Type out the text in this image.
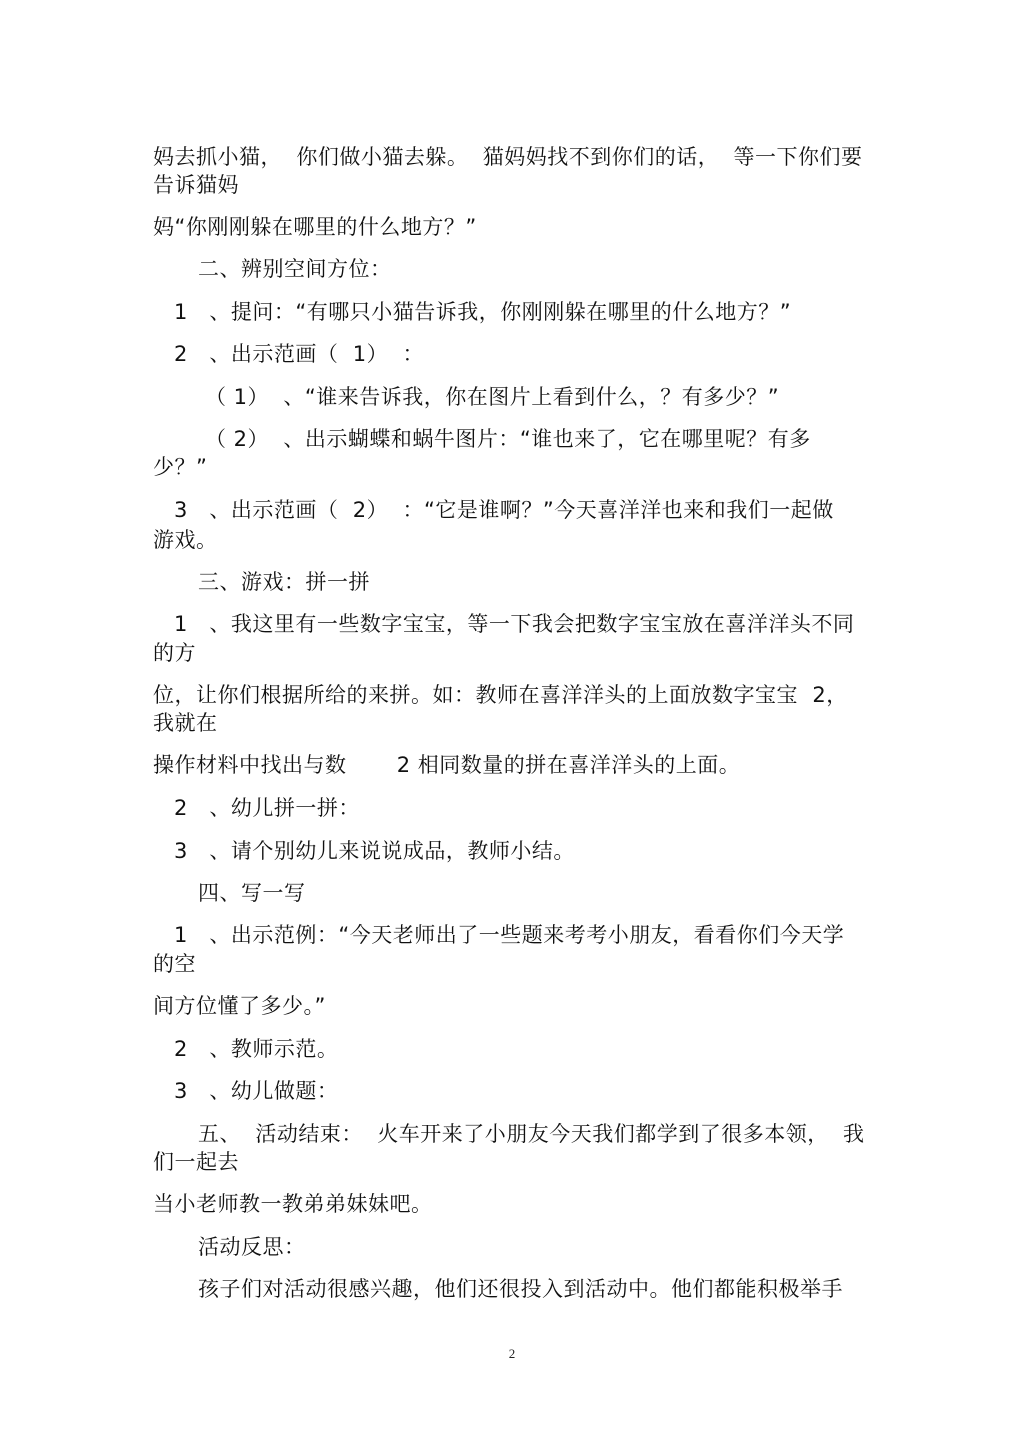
妈去抓小猫，  你们做小猫去躲。  猫妈妈找不到你们的话，  等一下你们要
告诉猫妈
妈“你刚刚躲在哪里的什么地方？”
二、辨别空间方位：
1   、提问：“有哪只小猫告诉我，你刚刚躲在哪里的什么地方？”
2   、出示范画（  1）  ：
（ 1）  、“谁来告诉我，你在图片上看到什么，？有多少？”
（ 2）  、出示蝴蝶和蜗牛图片：“谁也来了，它在哪里呢？有多
少？”
3   、出示范画（  2）  ：“它是谁啊？”今天喜洋洋也来和我们一起做
游戏。
三、游戏：拼一拼
1   、我这里有一些数字宝宝，等一下我会把数字宝宝放在喜洋洋头不同
的方
位，让你们根据所给的来拼。如：教师在喜洋洋头的上面放数字宝宝  2，
我就在
操作材料中找出与数       2 相同数量的拼在喜洋洋头的上面。
2   、幼儿拼一拼：
3   、请个别幼儿来说说成品，教师小结。
四、写一写
1   、出示范例：“今天老师出了一些题来考考小朋友，看看你们今天学
的空
间方位懂了多少。”
2   、教师示范。
3   、幼儿做题：
五、  活动结束：  火车开来了小朋友今天我们都学到了很多本领，  我
们一起去
当小老师教一教弟弟妹妹吧。
活动反思：
孩子们对活动很感兴趣，他们还很投入到活动中。他们都能积极举手
2
